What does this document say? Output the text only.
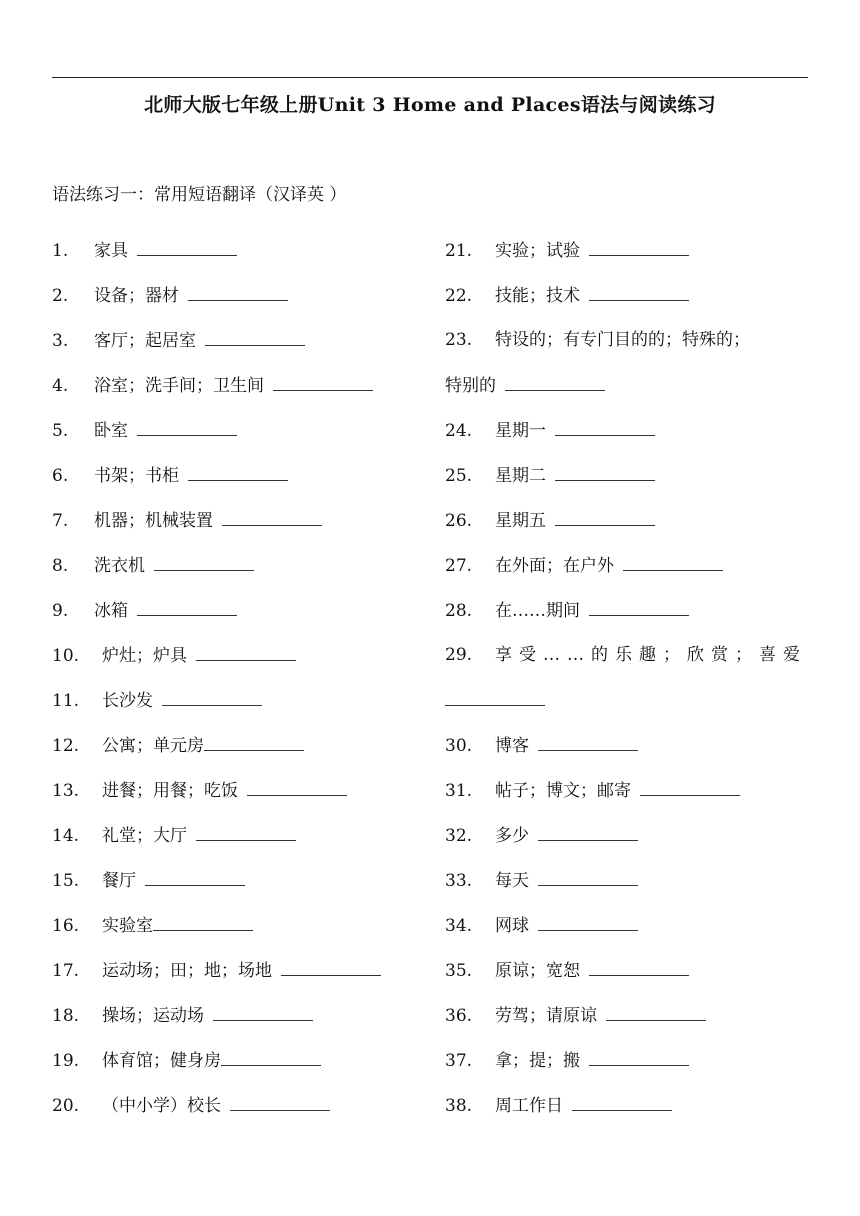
北师大版七年级上册Unit 3 Home and Places语法与阅读练习
语法练习一：常用短语翻译（汉译英 ）
1. 家具
2. 设备；器材
3. 客厅；起居室
4. 浴室；洗手间；卫生间
5. 卧室
6. 书架；书柜
7. 机器；机械装置
8. 洗衣机
9. 冰箱
10. 炉灶；炉具
11. 长沙发
12. 公寓；单元房
13. 进餐；用餐；吃饭
14. 礼堂；大厅
15. 餐厅
16. 实验室
17. 运动场；田；地；场地
18. 操场；运动场
19. 体育馆；健身房
20. （中小学）校长
21. 实验；试验
22. 技能；技术
23. 特设的；有专门目的的；特殊的；
特别的
24. 星期一
25. 星期二
26. 星期五
27. 在外面；在户外
28. 在……期间
29. 享受……的乐趣；欣赏；喜爱
30. 博客
31. 帖子；博文；邮寄
32. 多少
33. 每天
34. 网球
35. 原谅；宽恕
36. 劳驾；请原谅
37. 拿；提；搬
38. 周工作日
